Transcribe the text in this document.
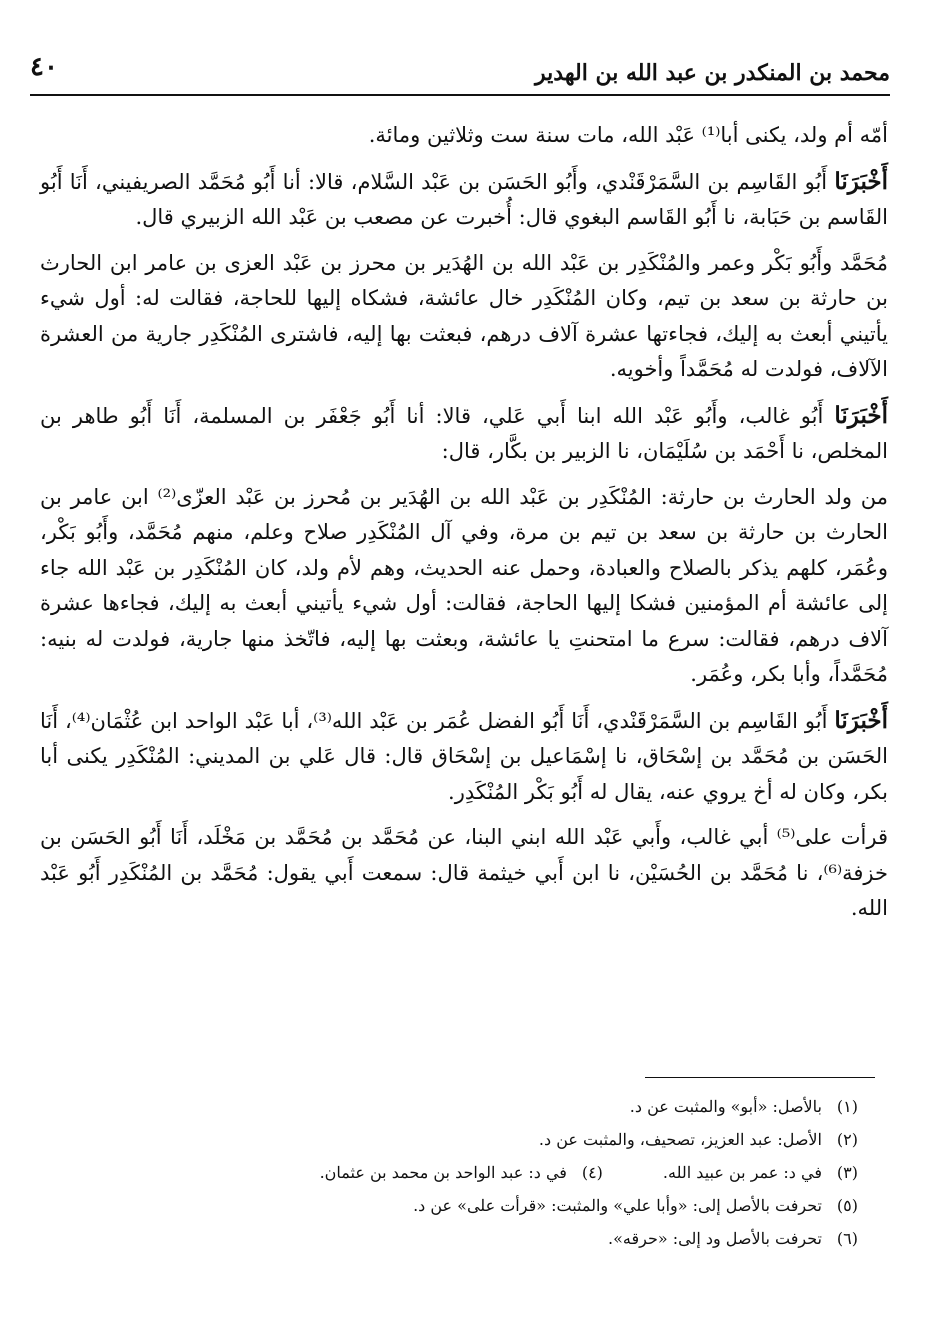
محمد بن المنكدر بن عبد الله بن الهدير
٤٠

أمّه أم ولد، يكنى أبا⁽¹⁾ عَبْد الله، مات سنة ست وثلاثين ومائة.

أَخْبَرَنَا أَبُو القَاسِم بن السَّمَرْقَنْدي، وأَبُو الحَسَن بن عَبْد السَّلام، قالا: أنا أَبُو مُحَمَّد الصريفيني، أَنَا أَبُو القَاسم بن حَبَابة، نا أَبُو القَاسم البغوي قال: أُخبرت عن مصعب بن عَبْد الله الزبيري قال.

مُحَمَّد وأَبُو بَكْر وعمر والمُنْكَدِر بن عَبْد الله بن الهُدَير بن محرز بن عَبْد العزى بن عامر ابن الحارث بن حارثة بن سعد بن تيم، وكان المُنْكَدِر خال عائشة، فشكاه إليها للحاجة، فقالت له: أول شيء يأتيني أبعث به إليك، فجاءتها عشرة آلاف درهم، فبعثت بها إليه، فاشترى المُنْكَدِر جارية من العشرة الآلاف، فولدت له مُحَمَّداً وأخويه.

أَخْبَرَنَا أَبُو غالب، وأَبُو عَبْد الله ابنا أَبي عَلي، قالا: أنا أَبُو جَعْفَر بن المسلمة، أَنَا أَبُو طاهر بن المخلص، نا أَحْمَد بن سُلَيْمَان، نا الزبير بن بكَّار، قال:

من ولد الحارث بن حارثة: المُنْكَدِر بن عَبْد الله بن الهُدَير بن مُحرز بن عَبْد العزّى⁽²⁾ ابن عامر بن الحارث بن حارثة بن سعد بن تيم بن مرة، وفي آل المُنْكَدِر صلاح وعلم، منهم مُحَمَّد، وأَبُو بَكْر، وعُمَر، كلهم يذكر بالصلاح والعبادة، وحمل عنه الحديث، وهم لأم ولد، كان المُنْكَدِر بن عَبْد الله جاء إلى عائشة أم المؤمنين فشكا إليها الحاجة، فقالت: أول شيء يأتيني أبعث به إليك، فجاءها عشرة آلاف درهم، فقالت: سرع ما امتحنتِ يا عائشة، وبعثت بها إليه، فاتّخذ منها جارية، فولدت له بنيه: مُحَمَّداً، وأبا بكر، وعُمَر.

أَخْبَرَنَا أَبُو القَاسِم بن السَّمَرْقَنْدي، أَنَا أَبُو الفضل عُمَر بن عَبْد الله⁽³⁾، أبا عَبْد الواحد ابن عُثْمَان⁽⁴⁾، أَنَا الحَسَن بن مُحَمَّد بن إسْحَاق، نا إسْمَاعيل بن إسْحَاق قال: قال عَلي بن المديني: المُنْكَدِر يكنى أبا بكر، وكان له أخ يروي عنه، يقال له أَبُو بَكْر المُنْكَدِر.

قرأت على⁽⁵⁾ أبي غالب، وأَبي عَبْد الله ابني البنا، عن مُحَمَّد بن مُحَمَّد بن مَخْلَد، أَنَا أَبُو الحَسَن بن خزفة⁽⁶⁾، نا مُحَمَّد بن الحُسَيْن، نا ابن أَبي خيثمة قال: سمعت أَبي يقول: مُحَمَّد بن المُنْكَدِر أَبُو عَبْد الله.

(١)
بالأصل: «أبو» والمثبت عن د.
(٢)
الأصل: عبد العزيز، تصحيف، والمثبت عن د.
(٣)
في د: عمر بن عبيد الله.
(٤)
في د: عبد الواحد بن محمد بن عثمان.
(٥)
تحرفت بالأصل إلى: «وأبا علي» والمثبت: «قرأت على» عن د.
(٦)
تحرفت بالأصل ود إلى: «حرقه».
